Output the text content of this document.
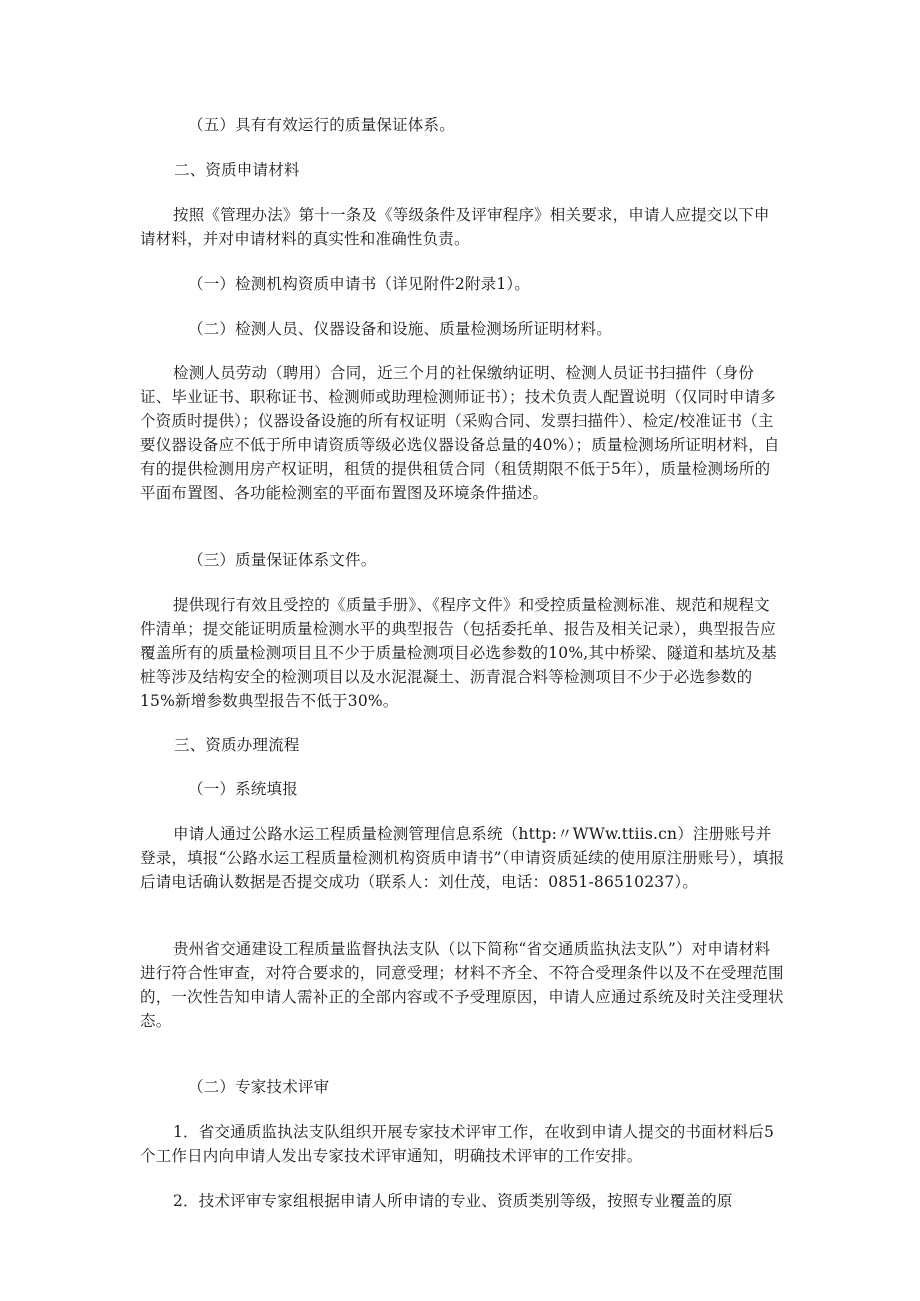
（五）具有有效运行的质量保证体系。

二、资质申请材料

按照《管理办法》第十一条及《等级条件及评审程序》相关要求，申请人应提交以下申请材料，并对申请材料的真实性和准确性负责。

（一）检测机构资质申请书（详见附件2附录1）。

（二）检测人员、仪器设备和设施、质量检测场所证明材料。

检测人员劳动（聘用）合同，近三个月的社保缴纳证明、检测人员证书扫描件（身份证、毕业证书、职称证书、检测师或助理检测师证书）；技术负责人配置说明（仅同时申请多个资质时提供）；仪器设备设施的所有权证明（采购合同、发票扫描件）、检定/校准证书（主要仪器设备应不低于所申请资质等级必选仪器设备总量的40%）；质量检测场所证明材料，自有的提供检测用房产权证明，租赁的提供租赁合同（租赁期限不低于5年），质量检测场所的平面布置图、各功能检测室的平面布置图及环境条件描述。

（三）质量保证体系文件。

提供现行有效且受控的《质量手册》、《程序文件》和受控质量检测标准、规范和规程文件清单；提交能证明质量检测水平的典型报告（包括委托单、报告及相关记录），典型报告应覆盖所有的质量检测项目且不少于质量检测项目必选参数的10%,其中桥梁、隧道和基坑及基桩等涉及结构安全的检测项目以及水泥混凝土、沥青混合料等检测项目不少于必选参数的15%新增参数典型报告不低于30%。

三、资质办理流程

（一）系统填报

申请人通过公路水运工程质量检测管理信息系统（http:〃WWw.ttiis.cn）注册账号并登录，填报“公路水运工程质量检测机构资质申请书”（申请资质延续的使用原注册账号），填报后请电话确认数据是否提交成功（联系人：刘仕茂，电话：0851-86510237）。

贵州省交通建设工程质量监督执法支队（以下简称“省交通质监执法支队”）对申请材料进行符合性审查，对符合要求的，同意受理；材料不齐全、不符合受理条件以及不在受理范围的，一次性告知申请人需补正的全部内容或不予受理原因，申请人应通过系统及时关注受理状态。

（二）专家技术评审

1．省交通质监执法支队组织开展专家技术评审工作，在收到申请人提交的书面材料后5个工作日内向申请人发出专家技术评审通知，明确技术评审的工作安排。

2．技术评审专家组根据申请人所申请的专业、资质类别等级，按照专业覆盖的原
